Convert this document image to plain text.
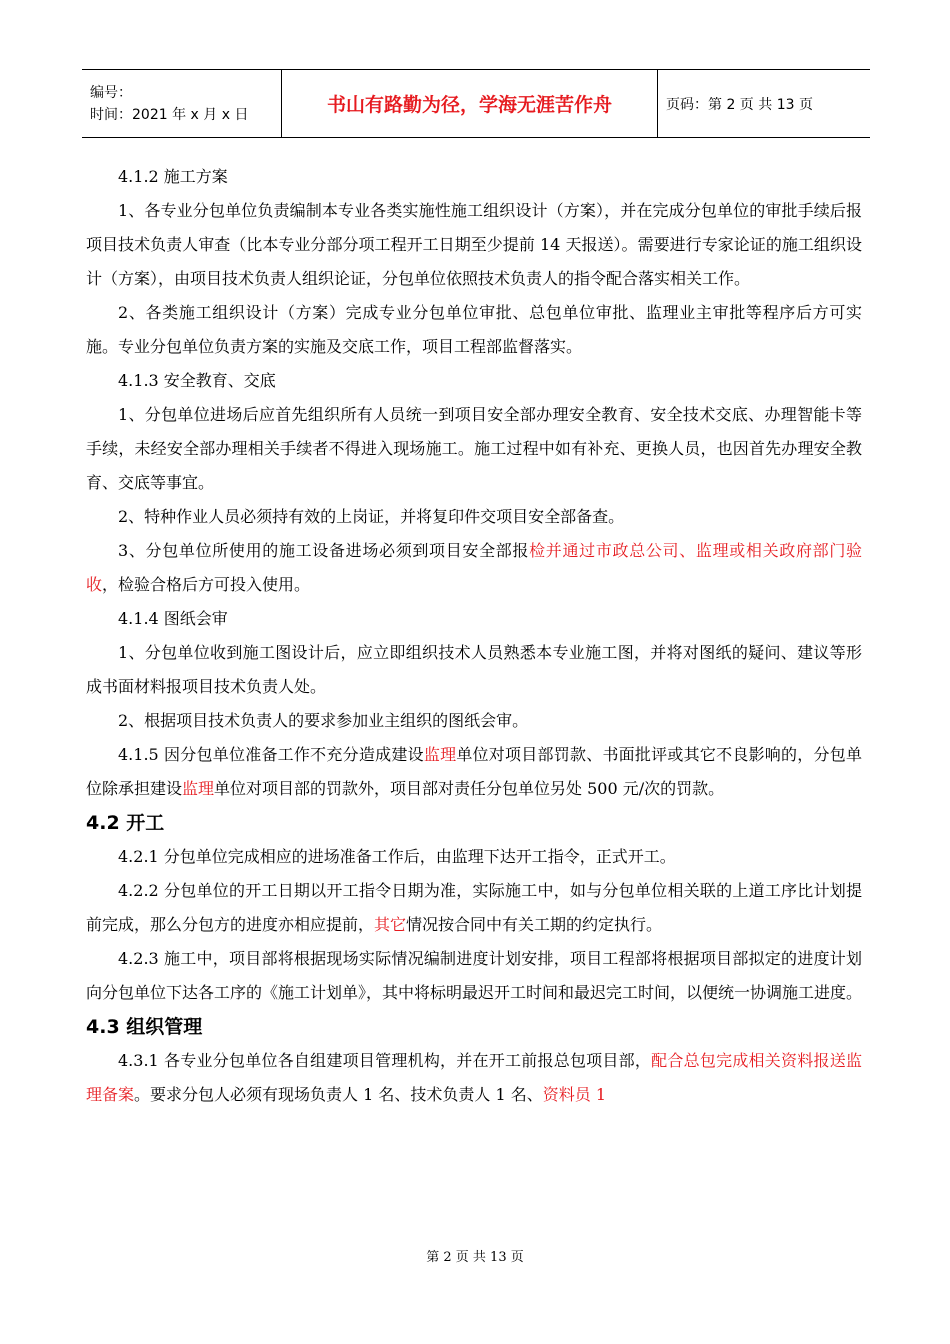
编号：
时间：2021 年 x 月 x 日	书山有路勤为径，学海无涯苦作舟	页码：第 2 页 共 13 页

4.1.2 施工方案

1、各专业分包单位负责编制本专业各类实施性施工组织设计（方案），并在完成分包单位的审批手续后报项目技术负责人审查（比本专业分部分项工程开工日期至少提前 14 天报送）。需要进行专家论证的施工组织设计（方案），由项目技术负责人组织论证，分包单位依照技术负责人的指令配合落实相关工作。

2、各类施工组织设计（方案）完成专业分包单位审批、总包单位审批、监理业主审批等程序后方可实施。专业分包单位负责方案的实施及交底工作，项目工程部监督落实。

4.1.3 安全教育、交底

1、分包单位进场后应首先组织所有人员统一到项目安全部办理安全教育、安全技术交底、办理智能卡等手续，未经安全部办理相关手续者不得进入现场施工。施工过程中如有补充、更换人员，也因首先办理安全教育、交底等事宜。

2、特种作业人员必须持有效的上岗证，并将复印件交项目安全部备查。

3、分包单位所使用的施工设备进场必须到项目安全部报检并通过市政总公司、监理或相关政府部门验收，检验合格后方可投入使用。

4.1.4 图纸会审

1、分包单位收到施工图设计后，应立即组织技术人员熟悉本专业施工图，并将对图纸的疑问、建议等形成书面材料报项目技术负责人处。

2、根据项目技术负责人的要求参加业主组织的图纸会审。

4.1.5 因分包单位准备工作不充分造成建设监理单位对项目部罚款、书面批评或其它不良影响的，分包单位除承担建设监理单位对项目部的罚款外，项目部对责任分包单位另处 500 元/次的罚款。

4.2 开工

4.2.1 分包单位完成相应的进场准备工作后，由监理下达开工指令，正式开工。

4.2.2 分包单位的开工日期以开工指令日期为准，实际施工中，如与分包单位相关联的上道工序比计划提前完成，那么分包方的进度亦相应提前，其它情况按合同中有关工期的约定执行。

4.2.3 施工中，项目部将根据现场实际情况编制进度计划安排，项目工程部将根据项目部拟定的进度计划向分包单位下达各工序的《施工计划单》，其中将标明最迟开工时间和最迟完工时间，以便统一协调施工进度。

4.3 组织管理

4.3.1 各专业分包单位各自组建项目管理机构，并在开工前报总包项目部，配合总包完成相关资料报送监理备案。要求分包人必须有现场负责人 1 名、技术负责人 1 名、资料员 1

第 2 页 共 13 页
